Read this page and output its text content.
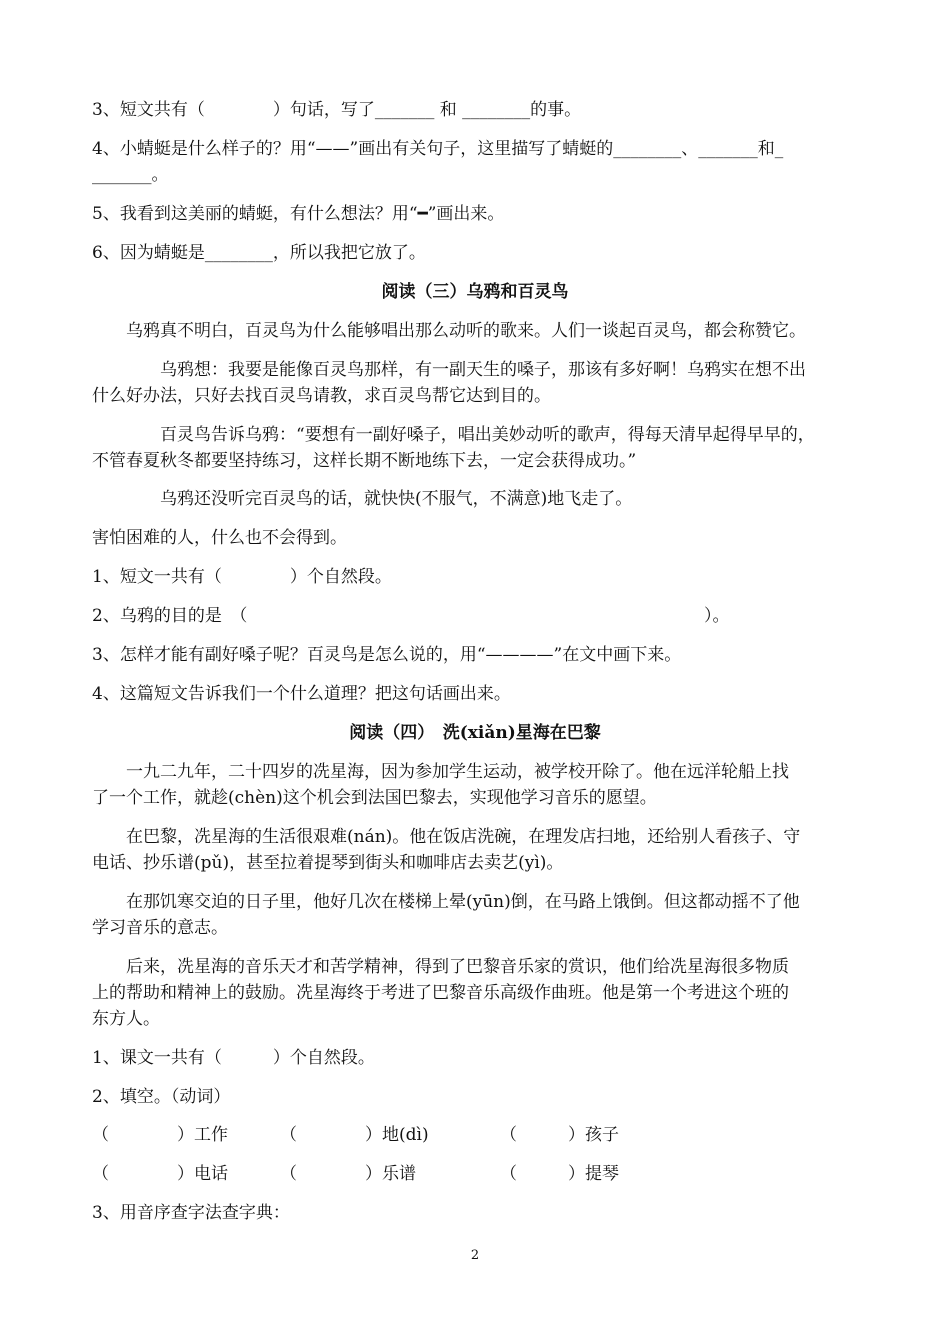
3、短文共有（　　　　）句话，写了_______ 和 ________的事。
4、小蜻蜓是什么样子的？用“——”画出有关句子，这里描写了蜻蜓的________、_______和_
_______。
5、我看到这美丽的蜻蜓，有什么想法？用“━”画出来。
6、因为蜻蜓是________，所以我把它放了。
阅读（三）乌鸦和百灵鸟
乌鸦真不明白，百灵鸟为什么能够唱出那么动听的歌来。人们一谈起百灵鸟，都会称赞它。
乌鸦想：我要是能像百灵鸟那样，有一副天生的嗓子，那该有多好啊！乌鸦实在想不出
什么好办法，只好去找百灵鸟请教，求百灵鸟帮它达到目的。
百灵鸟告诉乌鸦：“要想有一副好嗓子，唱出美妙动听的歌声，得每天清早起得早早的，
不管春夏秋冬都要坚持练习，这样长期不断地练下去，一定会获得成功。”
乌鸦还没听完百灵鸟的话，就快快(不服气，不满意)地飞走了。
害怕困难的人，什么也不会得到。
1、短文一共有（　　　　）个自然段。
2、乌鸦的目的是　（	）。
3、怎样才能有副好嗓子呢？百灵鸟是怎么说的，用“————”在文中画下来。
4、这篇短文告诉我们一个什么道理？把这句话画出来。
阅读（四）　洗(xiǎn)星海在巴黎
一九二九年，二十四岁的冼星海，因为参加学生运动，被学校开除了。他在远洋轮船上找
了一个工作，就趁(chèn)这个机会到法国巴黎去，实现他学习音乐的愿望。
在巴黎，冼星海的生活很艰难(nán)。他在饭店洗碗，在理发店扫地，还给别人看孩子、守
电话、抄乐谱(pǔ)，甚至拉着提琴到街头和咖啡店去卖艺(yì)。
在那饥寒交迫的日子里，他好几次在楼梯上晕(yūn)倒，在马路上饿倒。但这都动摇不了他
学习音乐的意志。
后来，冼星海的音乐天才和苦学精神，得到了巴黎音乐家的赏识，他们给冼星海很多物质
上的帮助和精神上的鼓励。冼星海终于考进了巴黎音乐高级作曲班。他是第一个考进这个班的
东方人。
1、课文一共有（　　　）个自然段。
2、填空。（动词）
（　　　　）工作	（　　　　）地(dì)	（　　　）孩子
（　　　　）电话	（　　　　）乐谱	（　　　）提琴
3、用音序查字法查字典：
2
